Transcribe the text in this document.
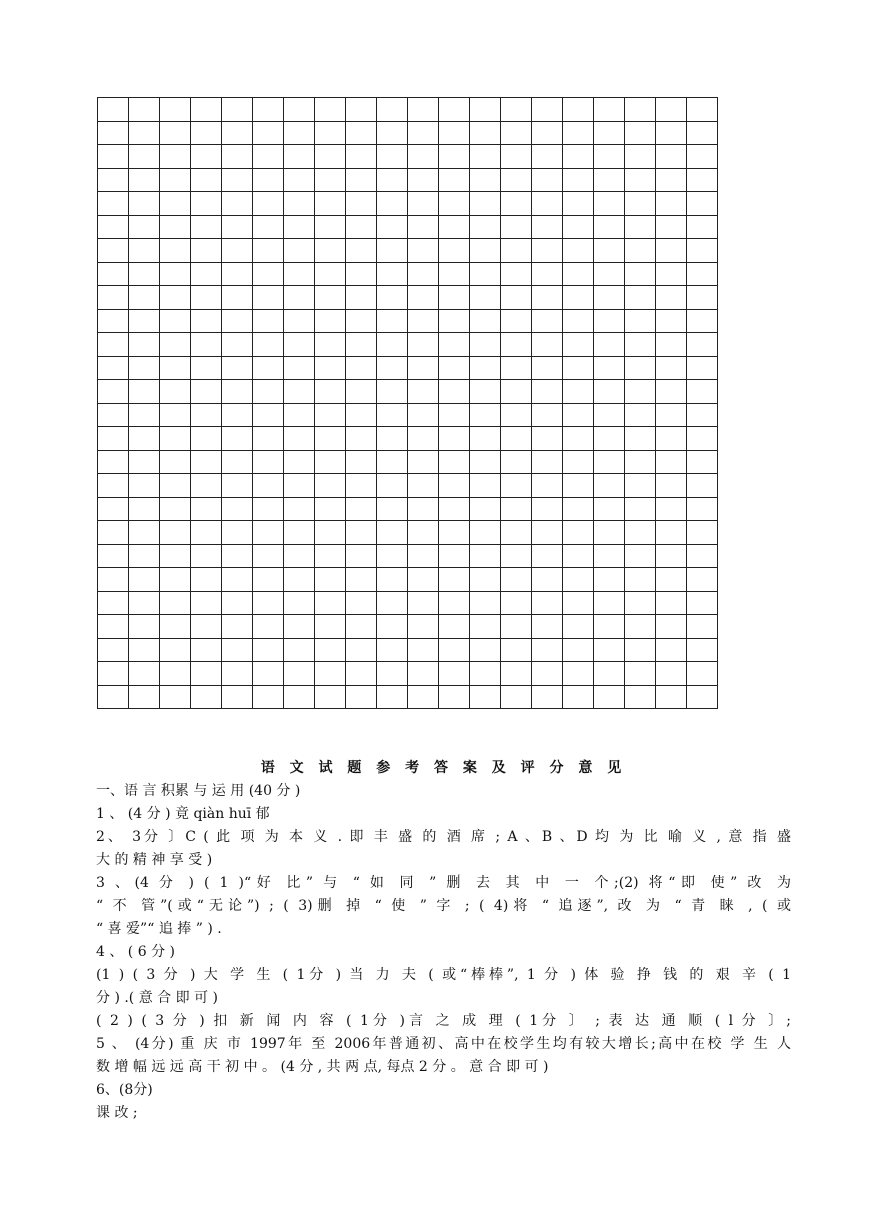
语 文 试 题 参 考 答 案 及 评 分 意 见
一、语 言 积累 与 运 用 (40 分 )
1 、 (4 分 ) 竟 qiàn huī 郁
2、 3分 〕C ( 此 项 为 本 义 . 即 丰 盛 的 酒 席 ; A 、B 、D 均 为 比 喻 义 , 意 指 盛
大 的 精 神 享 受 )
3 、(4 分 ) ( 1 )“好 比” 与 “ 如 同 ” 删 去 其 中 一 个;(2) 将“即 使” 改 为
“ 不 管”(或“无论”) ; ( 3)删 掉 “ 使 ” 字 ; ( 4)将 “ 追逐”, 改 为 “ 青 睐 , ( 或
“ 喜 爱”“ 追 捧 ” ) .
4 、 ( 6 分 )
(1 ) ( 3 分 ) 大 学 生 ( 1分 ) 当 力 夫 ( 或“棒棒”, 1 分 ) 体 验 挣 钱 的 艰 辛 ( 1
分 ) .( 意 合 即 可 )
( 2 ) ( 3 分 ) 扣 新 闻 内 容 ( 1分 )言 之 成 理 ( 1分 〕 ; 表 达 通 顺 ( l 分 〕;
5 、 (4分) 重 庆 市 1997年 至 2006年普通初、高中在校学生均有较大增长;高中在校 学 生 人
数 增 幅 远 远 高 干 初 中 。 (4 分 , 共 两 点, 每点 2 分 。 意 合 即 可 )
6、(8分)
课 改 ;
